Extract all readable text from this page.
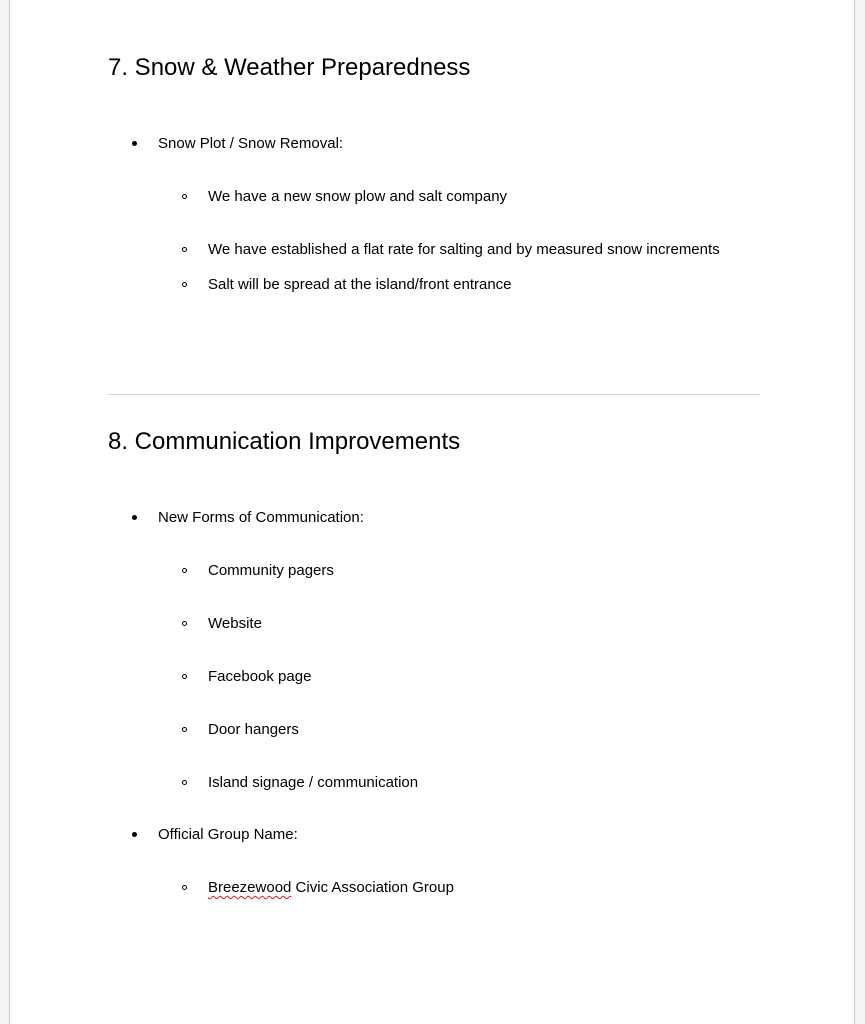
7. Snow & Weather Preparedness
Snow Plot / Snow Removal:
We have a new snow plow and salt company
We have established a flat rate for salting and by measured snow increments
Salt will be spread at the island/front entrance
8. Communication Improvements
New Forms of Communication:
Community pagers
Website
Facebook page
Door hangers
Island signage / communication
Official Group Name:
Breezewood Civic Association Group
